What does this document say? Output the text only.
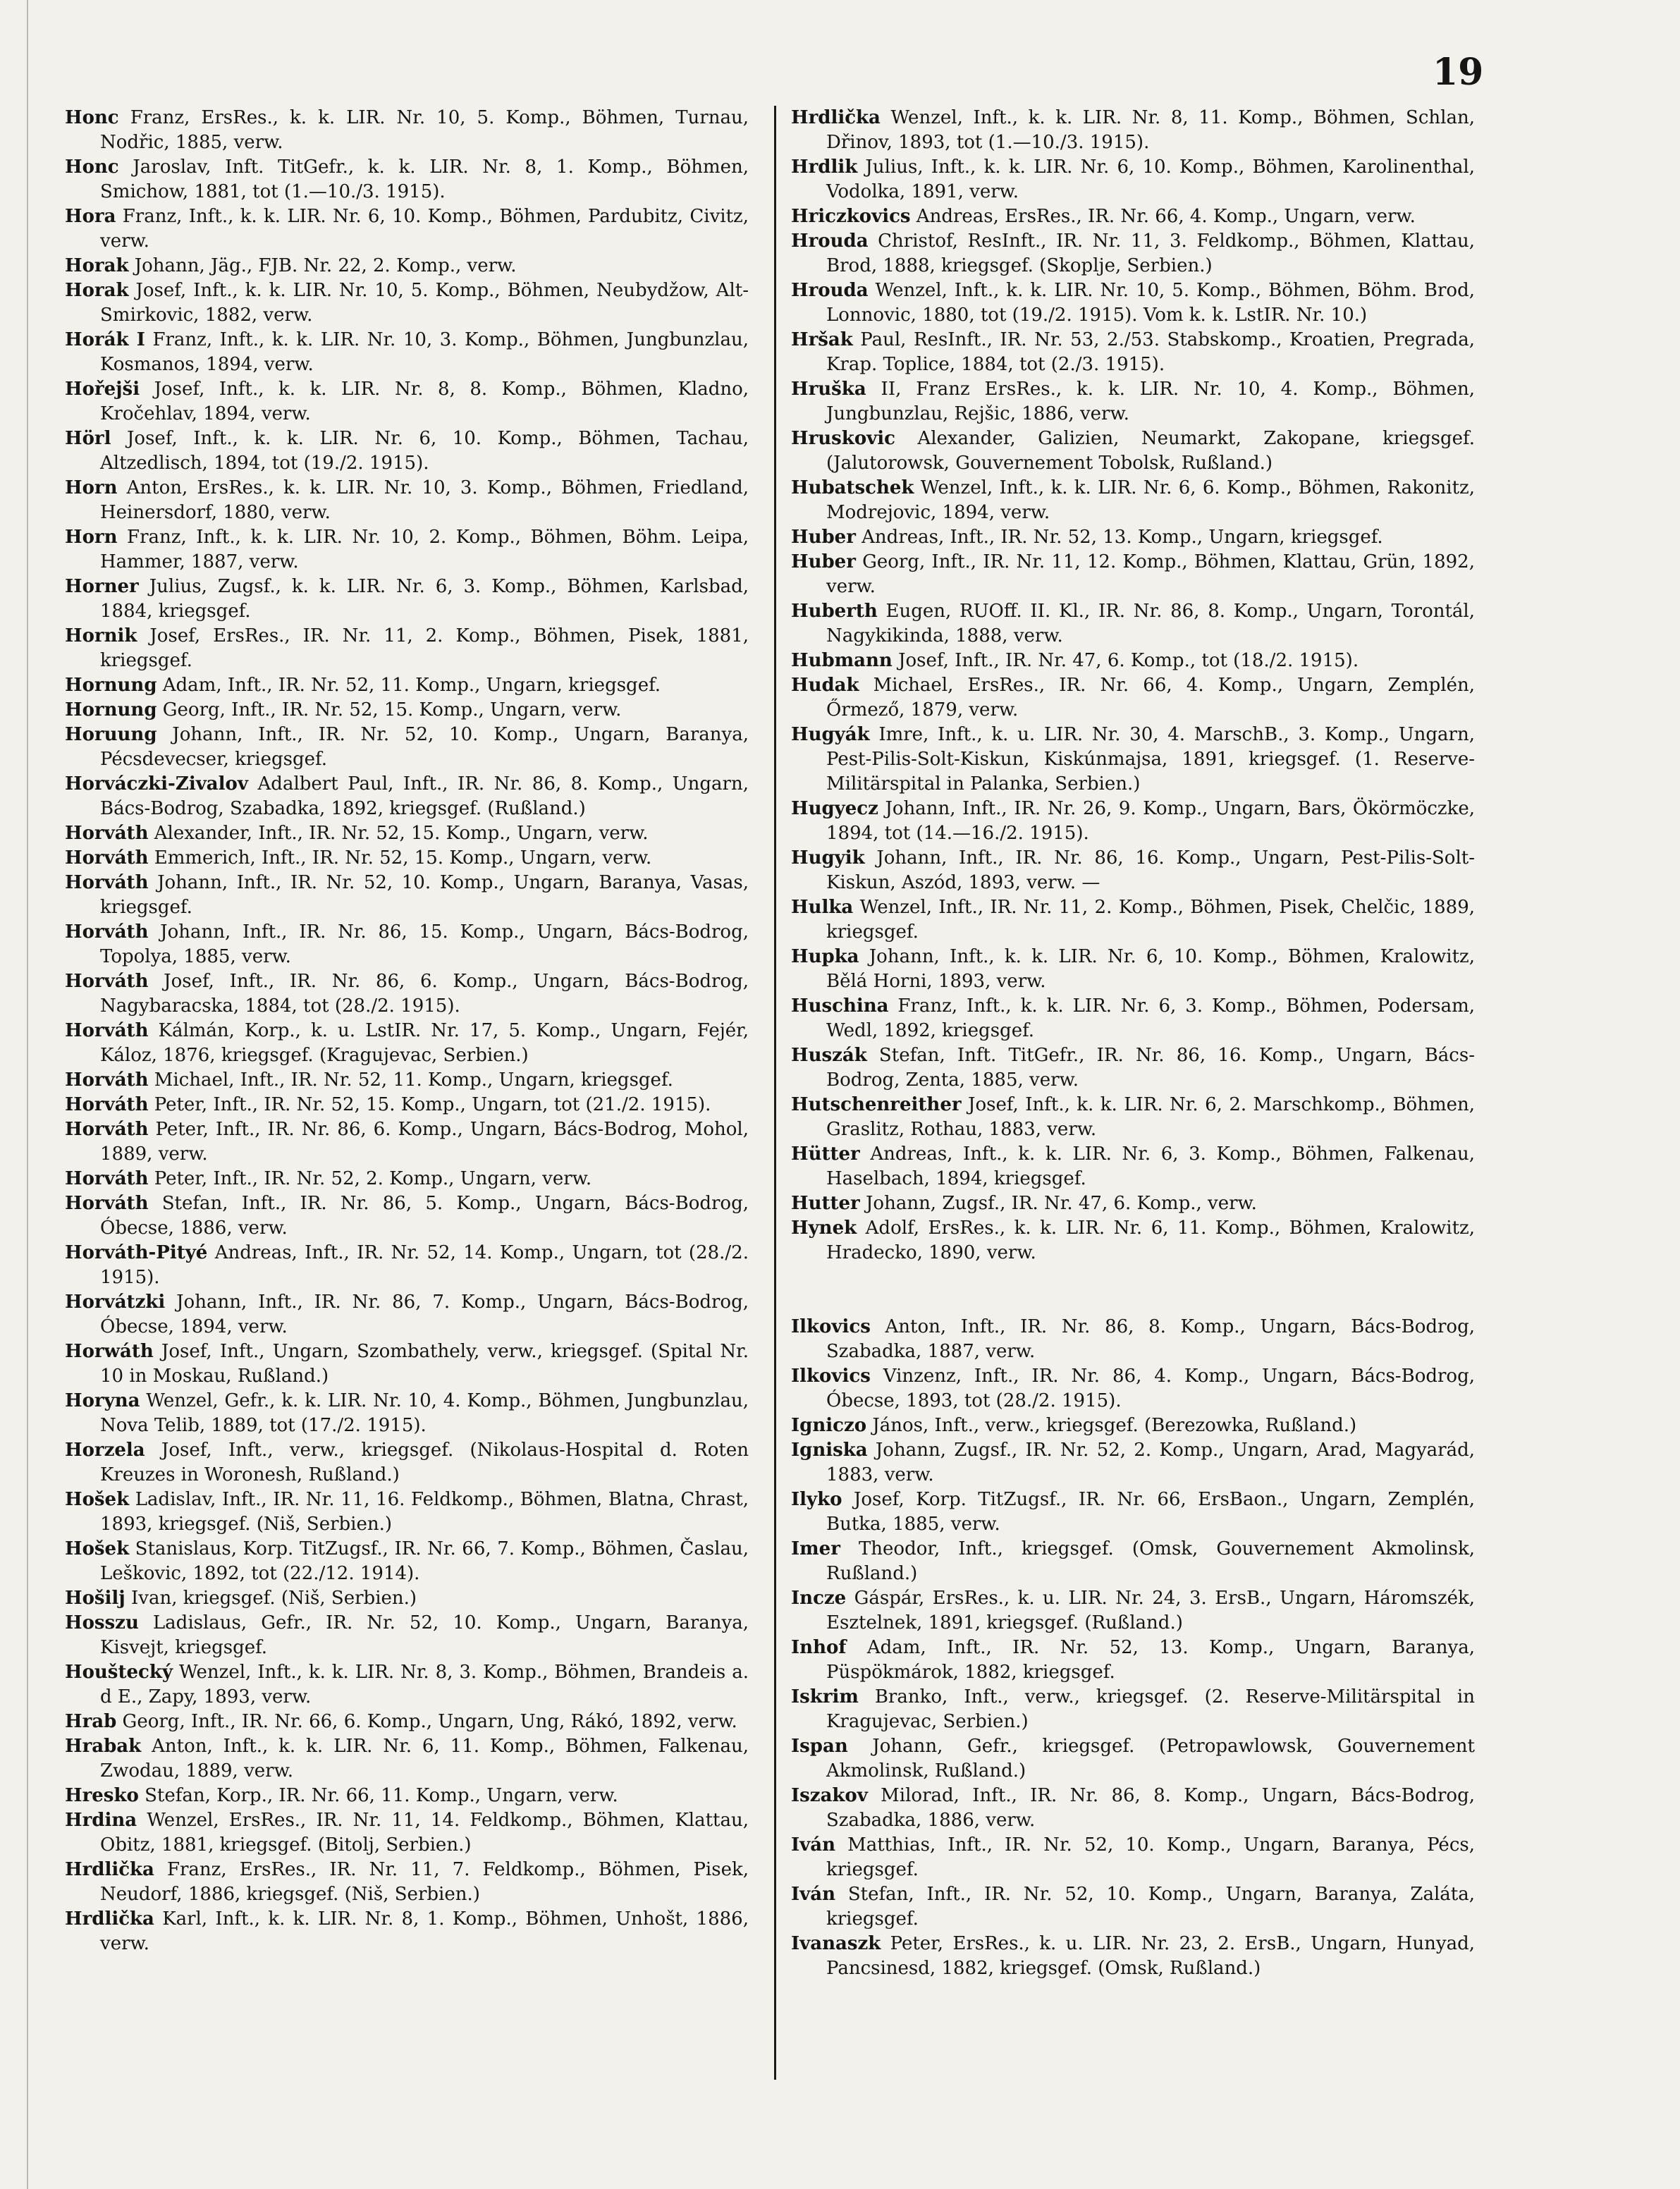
19
Honc Franz, ErsRes., k. k. LIR. Nr. 10, 5. Komp., Böhmen, Turnau, Nodřic, 1885, verw.
Honc Jaroslav, Inft. TitGefr., k. k. LIR. Nr. 8, 1. Komp., Böhmen, Smichow, 1881, tot (1.—10./3. 1915).
Hora Franz, Inft., k. k. LIR. Nr. 6, 10. Komp., Böhmen, Pardubitz, Civitz, verw.
Horak Johann, Jäg., FJB. Nr. 22, 2. Komp., verw.
Horak Josef, Inft., k. k. LIR. Nr. 10, 5. Komp., Böhmen, Neubydžow, Alt-Smirkovic, 1882, verw.
Horák I Franz, Inft., k. k. LIR. Nr. 10, 3. Komp., Böhmen, Jungbunzlau, Kosmanos, 1894, verw.
Hořejši Josef, Inft., k. k. LIR. Nr. 8, 8. Komp., Böhmen, Kladno, Kročehlav, 1894, verw.
Hörl Josef, Inft., k. k. LIR. Nr. 6, 10. Komp., Böhmen, Tachau, Altzedlisch, 1894, tot (19./2. 1915).
Horn Anton, ErsRes., k. k. LIR. Nr. 10, 3. Komp., Böhmen, Friedland, Heinersdorf, 1880, verw.
Horn Franz, Inft., k. k. LIR. Nr. 10, 2. Komp., Böhmen, Böhm. Leipa, Hammer, 1887, verw.
Horner Julius, Zugsf., k. k. LIR. Nr. 6, 3. Komp., Böhmen, Karlsbad, 1884, kriegsgef.
Hornik Josef, ErsRes., IR. Nr. 11, 2. Komp., Böhmen, Pisek, 1881, kriegsgef.
Hornung Adam, Inft., IR. Nr. 52, 11. Komp., Ungarn, kriegsgef.
Hornung Georg, Inft., IR. Nr. 52, 15. Komp., Ungarn, verw.
Horuung Johann, Inft., IR. Nr. 52, 10. Komp., Ungarn, Baranya, Pécsdevecser, kriegsgef.
Horváczki-Zivalov Adalbert Paul, Inft., IR. Nr. 86, 8. Komp., Ungarn, Bács-Bodrog, Szabadka, 1892, kriegsgef. (Rußland.)
Horváth Alexander, Inft., IR. Nr. 52, 15. Komp., Ungarn, verw.
Horváth Emmerich, Inft., IR. Nr. 52, 15. Komp., Ungarn, verw.
Horváth Johann, Inft., IR. Nr. 52, 10. Komp., Ungarn, Baranya, Vasas, kriegsgef.
Horváth Johann, Inft., IR. Nr. 86, 15. Komp., Ungarn, Bács-Bodrog, Topolya, 1885, verw.
Horváth Josef, Inft., IR. Nr. 86, 6. Komp., Ungarn, Bács-Bodrog, Nagybaracska, 1884, tot (28./2. 1915).
Horváth Kálmán, Korp., k. u. LstIR. Nr. 17, 5. Komp., Ungarn, Fejér, Káloz, 1876, kriegsgef. (Kragujevac, Serbien.)
Horváth Michael, Inft., IR. Nr. 52, 11. Komp., Ungarn, kriegsgef.
Horváth Peter, Inft., IR. Nr. 52, 15. Komp., Ungarn, tot (21./2. 1915).
Horváth Peter, Inft., IR. Nr. 86, 6. Komp., Ungarn, Bács-Bodrog, Mohol, 1889, verw.
Horváth Peter, Inft., IR. Nr. 52, 2. Komp., Ungarn, verw.
Horváth Stefan, Inft., IR. Nr. 86, 5. Komp., Ungarn, Bács-Bodrog, Óbecse, 1886, verw.
Horváth-Pityé Andreas, Inft., IR. Nr. 52, 14. Komp., Ungarn, tot (28./2. 1915).
Horvátzki Johann, Inft., IR. Nr. 86, 7. Komp., Ungarn, Bács-Bodrog, Óbecse, 1894, verw.
Horwáth Josef, Inft., Ungarn, Szombathely, verw., kriegsgef. (Spital Nr. 10 in Moskau, Rußland.)
Horyna Wenzel, Gefr., k. k. LIR. Nr. 10, 4. Komp., Böhmen, Jungbunzlau, Nova Telib, 1889, tot (17./2. 1915).
Horzela Josef, Inft., verw., kriegsgef. (Nikolaus-Hospital d. Roten Kreuzes in Woronesh, Rußland.)
Hošek Ladislav, Inft., IR. Nr. 11, 16. Feldkomp., Böhmen, Blatna, Chrast, 1893, kriegsgef. (Niš, Serbien.)
Hošek Stanislaus, Korp. TitZugsf., IR. Nr. 66, 7. Komp., Böhmen, Časlau, Leškovic, 1892, tot (22./12. 1914).
Hošilj Ivan, kriegsgef. (Niš, Serbien.)
Hosszu Ladislaus, Gefr., IR. Nr. 52, 10. Komp., Ungarn, Baranya, Kisvejt, kriegsgef.
Houštecký Wenzel, Inft., k. k. LIR. Nr. 8, 3. Komp., Böhmen, Brandeis a. d E., Zapy, 1893, verw.
Hrab Georg, Inft., IR. Nr. 66, 6. Komp., Ungarn, Ung, Rákó, 1892, verw.
Hrabak Anton, Inft., k. k. LIR. Nr. 6, 11. Komp., Böhmen, Falkenau, Zwodau, 1889, verw.
Hresko Stefan, Korp., IR. Nr. 66, 11. Komp., Ungarn, verw.
Hrdina Wenzel, ErsRes., IR. Nr. 11, 14. Feldkomp., Böhmen, Klattau, Obitz, 1881, kriegsgef. (Bitolj, Serbien.)
Hrdlička Franz, ErsRes., IR. Nr. 11, 7. Feldkomp., Böhmen, Pisek, Neudorf, 1886, kriegsgef. (Niš, Serbien.)
Hrdlička Karl, Inft., k. k. LIR. Nr. 8, 1. Komp., Böhmen, Unhošt, 1886, verw.
Hrdlička Wenzel, Inft., k. k. LIR. Nr. 8, 11. Komp., Böhmen, Schlan, Dřinov, 1893, tot (1.—10./3. 1915).
Hrdlik Julius, Inft., k. k. LIR. Nr. 6, 10. Komp., Böhmen, Karolinenthal, Vodolka, 1891, verw.
Hriczkovics Andreas, ErsRes., IR. Nr. 66, 4. Komp., Ungarn, verw.
Hrouda Christof, ResInft., IR. Nr. 11, 3. Feldkomp., Böhmen, Klattau, Brod, 1888, kriegsgef. (Skoplje, Serbien.)
Hrouda Wenzel, Inft., k. k. LIR. Nr. 10, 5. Komp., Böhmen, Böhm. Brod, Lonnovic, 1880, tot (19./2. 1915). Vom k. k. LstIR. Nr. 10.)
Hršak Paul, ResInft., IR. Nr. 53, 2./53. Stabskomp., Kroatien, Pregrada, Krap. Toplice, 1884, tot (2./3. 1915).
Hruška II, Franz ErsRes., k. k. LIR. Nr. 10, 4. Komp., Böhmen, Jungbunzlau, Rejšic, 1886, verw.
Hruskovic Alexander, Galizien, Neumarkt, Zakopane, kriegsgef. (Jalutorowsk, Gouvernement Tobolsk, Rußland.)
Hubatschek Wenzel, Inft., k. k. LIR. Nr. 6, 6. Komp., Böhmen, Rakonitz, Modrejovic, 1894, verw.
Huber Andreas, Inft., IR. Nr. 52, 13. Komp., Ungarn, kriegsgef.
Huber Georg, Inft., IR. Nr. 11, 12. Komp., Böhmen, Klattau, Grün, 1892, verw.
Huberth Eugen, RUOff. II. Kl., IR. Nr. 86, 8. Komp., Ungarn, Torontál, Nagykikinda, 1888, verw.
Hubmann Josef, Inft., IR. Nr. 47, 6. Komp., tot (18./2. 1915).
Hudak Michael, ErsRes., IR. Nr. 66, 4. Komp., Ungarn, Zemplén, Őrmező, 1879, verw.
Hugyák Imre, Inft., k. u. LIR. Nr. 30, 4. MarschB., 3. Komp., Ungarn, Pest-Pilis-Solt-Kiskun, Kiskúnmajsa, 1891, kriegsgef. (1. Reserve-Militärspital in Palanka, Serbien.)
Hugyecz Johann, Inft., IR. Nr. 26, 9. Komp., Ungarn, Bars, Ökörmöczke, 1894, tot (14.—16./2. 1915).
Hugyik Johann, Inft., IR. Nr. 86, 16. Komp., Ungarn, Pest-Pilis-Solt-Kiskun, Aszód, 1893, verw. —
Hulka Wenzel, Inft., IR. Nr. 11, 2. Komp., Böhmen, Pisek, Chelčic, 1889, kriegsgef.
Hupka Johann, Inft., k. k. LIR. Nr. 6, 10. Komp., Böhmen, Kralowitz, Bělá Horni, 1893, verw.
Huschina Franz, Inft., k. k. LIR. Nr. 6, 3. Komp., Böhmen, Podersam, Wedl, 1892, kriegsgef.
Huszák Stefan, Inft. TitGefr., IR. Nr. 86, 16. Komp., Ungarn, Bács-Bodrog, Zenta, 1885, verw.
Hutschenreither Josef, Inft., k. k. LIR. Nr. 6, 2. Marschkomp., Böhmen, Graslitz, Rothau, 1883, verw.
Hütter Andreas, Inft., k. k. LIR. Nr. 6, 3. Komp., Böhmen, Falkenau, Haselbach, 1894, kriegsgef.
Hutter Johann, Zugsf., IR. Nr. 47, 6. Komp., verw.
Hynek Adolf, ErsRes., k. k. LIR. Nr. 6, 11. Komp., Böhmen, Kralowitz, Hradecko, 1890, verw.
Ilkovics Anton, Inft., IR. Nr. 86, 8. Komp., Ungarn, Bács-Bodrog, Szabadka, 1887, verw.
Ilkovics Vinzenz, Inft., IR. Nr. 86, 4. Komp., Ungarn, Bács-Bodrog, Óbecse, 1893, tot (28./2. 1915).
Igniczo János, Inft., verw., kriegsgef. (Berezowka, Rußland.)
Igniska Johann, Zugsf., IR. Nr. 52, 2. Komp., Ungarn, Arad, Magyarád, 1883, verw.
Ilyko Josef, Korp. TitZugsf., IR. Nr. 66, ErsBaon., Ungarn, Zemplén, Butka, 1885, verw.
Imer Theodor, Inft., kriegsgef. (Omsk, Gouvernement Akmolinsk, Rußland.)
Incze Gáspár, ErsRes., k. u. LIR. Nr. 24, 3. ErsB., Ungarn, Háromszék, Esztelnek, 1891, kriegsgef. (Rußland.)
Inhof Adam, Inft., IR. Nr. 52, 13. Komp., Ungarn, Baranya, Püspökmárok, 1882, kriegsgef.
Iskrim Branko, Inft., verw., kriegsgef. (2. Reserve-Militärspital in Kragujevac, Serbien.)
Ispan Johann, Gefr., kriegsgef. (Petropawlowsk, Gouvernement Akmolinsk, Rußland.)
Iszakov Milorad, Inft., IR. Nr. 86, 8. Komp., Ungarn, Bács-Bodrog, Szabadka, 1886, verw.
Iván Matthias, Inft., IR. Nr. 52, 10. Komp., Ungarn, Baranya, Pécs, kriegsgef.
Iván Stefan, Inft., IR. Nr. 52, 10. Komp., Ungarn, Baranya, Zaláta, kriegsgef.
Ivanaszk Peter, ErsRes., k. u. LIR. Nr. 23, 2. ErsB., Ungarn, Hunyad, Pancsinesd, 1882, kriegsgef. (Omsk, Rußland.)
